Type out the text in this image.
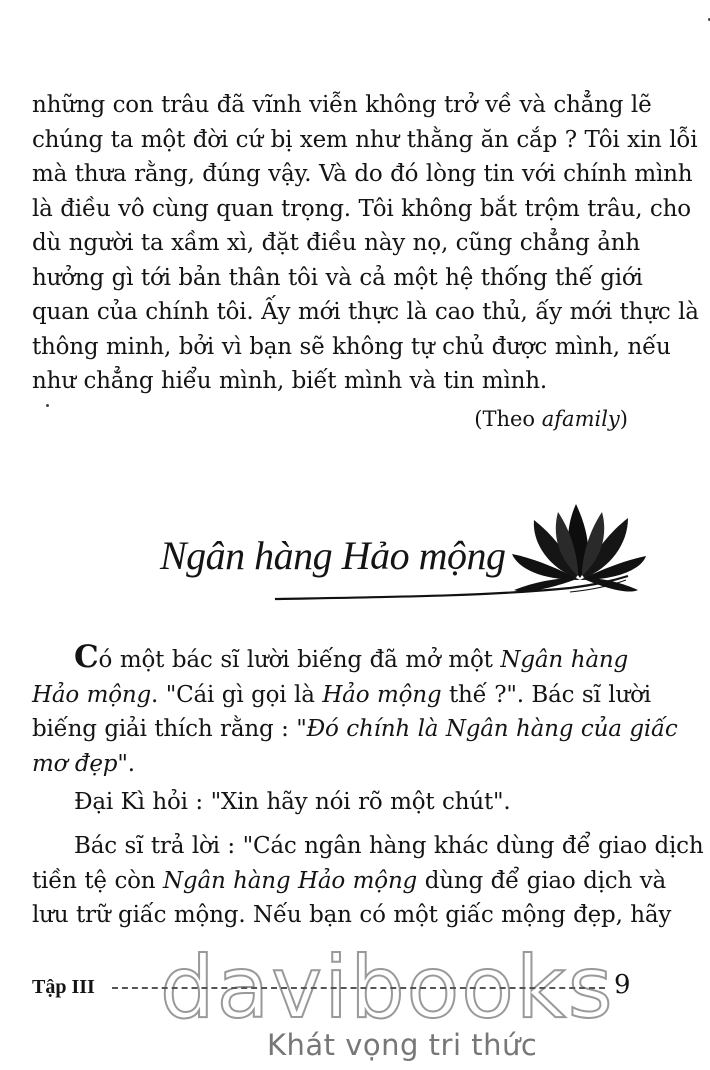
những con trâu đã vĩnh viễn không trở về và chẳng lẽ
chúng ta một đời cứ bị xem như thằng ăn cắp ? Tôi xin lỗi
mà thưa rằng, đúng vậy. Và do đó lòng tin với chính mình
là điều vô cùng quan trọng. Tôi không bắt trộm trâu, cho
dù người ta xầm xì, đặt điều này nọ, cũng chẳng ảnh
hưởng gì tới bản thân tôi và cả một hệ thống thế giới
quan của chính tôi. Ấy mới thực là cao thủ, ấy mới thực là
thông minh, bởi vì bạn sẽ không tự chủ được mình, nếu
như chẳng hiểu mình, biết mình và tin mình.

(Theo afamily)
Ngân hàng Hảo mộng

Có một bác sĩ lười biếng đã mở một Ngân hàng
Hảo mộng. "Cái gì gọi là Hảo mộng thế ?". Bác sĩ lười
biếng giải thích rằng : "Đó chính là Ngân hàng của giấc
mơ đẹp".

Đại Kì hỏi : "Xin hãy nói rõ một chút".

Bác sĩ trả lời : "Các ngân hàng khác dùng để giao dịch
tiền tệ còn Ngân hàng Hảo mộng dùng để giao dịch và
lưu trữ giấc mộng. Nếu bạn có một giấc mộng đẹp, hãy

davibooks
Tập III	9
Khát vọng tri thức
